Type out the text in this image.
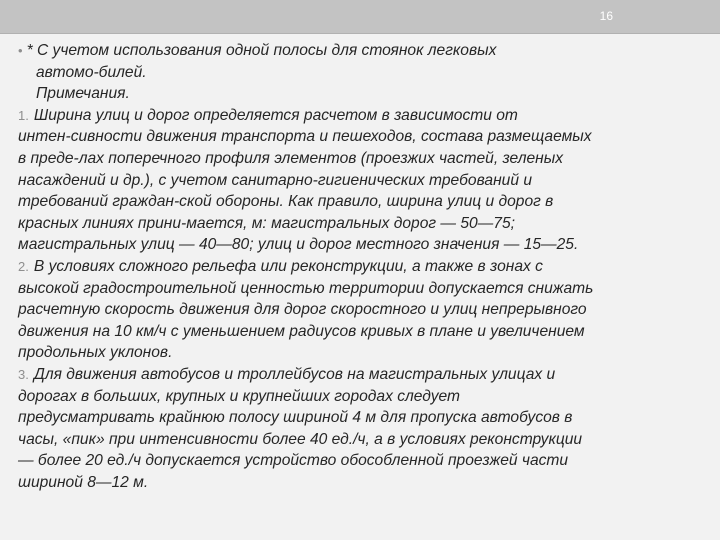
16
• * С учетом использования одной полосы для стоянок легковых
автомо-билей.
Примечания.
1. Ширина улиц и дорог определяется расчетом в зависимости от
интен-сивности движения транспорта и пешеходов, состава размещаемых
в преде-лах поперечного профиля элементов (проезжих частей, зеленых
насаждений и др.), с учетом санитарно-гигиенических требований и
требований граждан-ской обороны. Как правило, ширина улиц и дорог в
красных линиях прини-мается, м: магистральных дорог — 50—75;
магистральных улиц — 40—80; улиц и дорог местного значения — 15—25.
2. В условиях сложного рельефа или реконструкции, а также в зонах с
высокой градостроительной ценностью территории допускается снижать
расчетную скорость движения для дорог скоростного и улиц непрерывного
движения на 10 км/ч с уменьшением радиусов кривых в плане и увеличением
продольных уклонов.
3. Для движения автобусов и троллейбусов на магистральных улицах и
дорогах в больших, крупных и крупнейших городах следует
предусматривать крайнюю полосу шириной 4 м для пропуска автобусов в
часы, «пик» при интенсивности более 40 ед./ч, а в условиях реконструкции
— более 20 ед./ч допускается устройство обособленной проезжей части
шириной 8—12 м.
